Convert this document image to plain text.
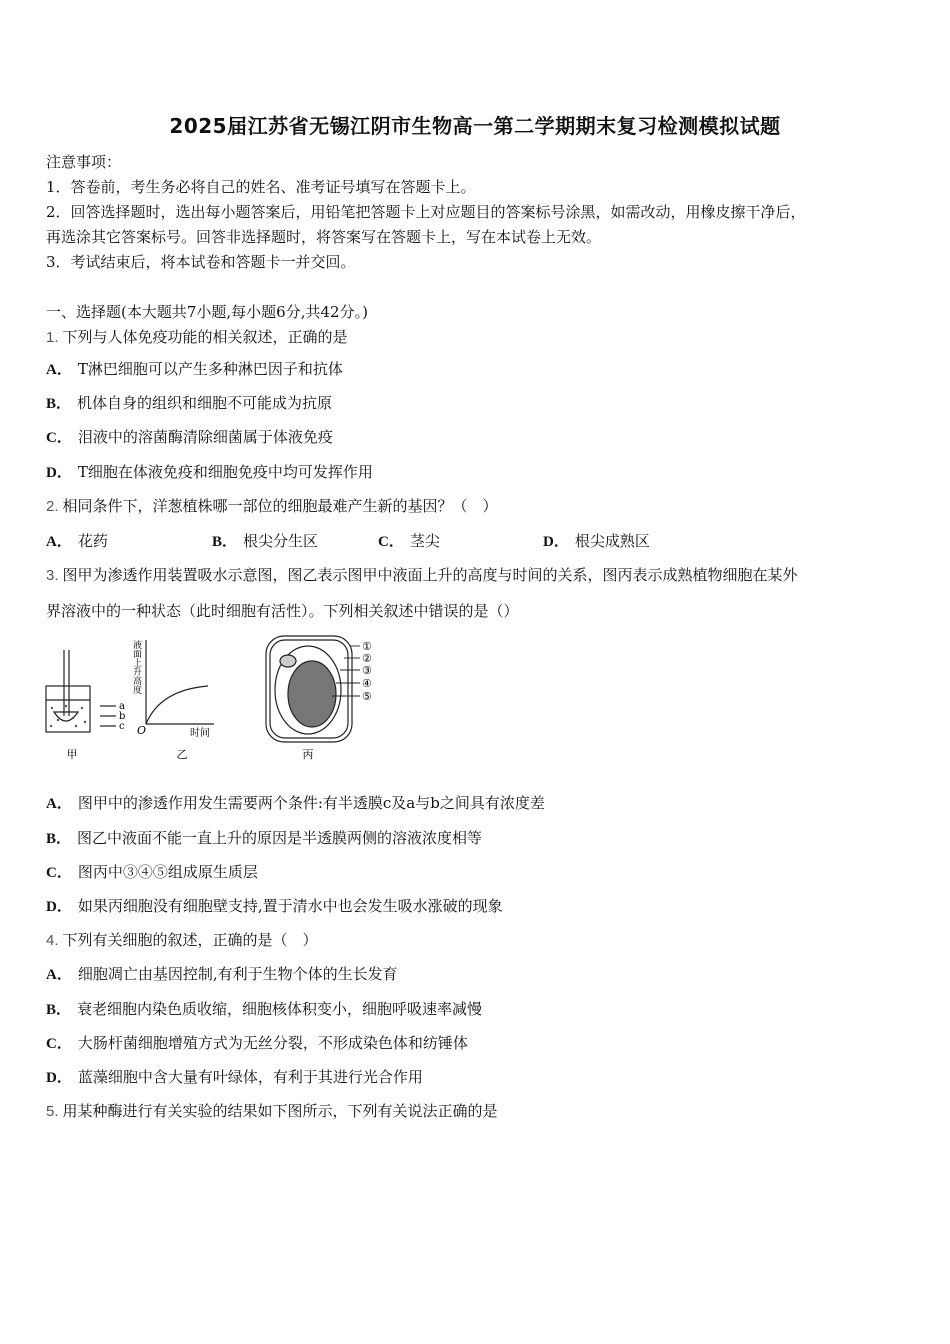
2025届江苏省无锡江阴市生物高一第二学期期末复习检测模拟试题
注意事项：
1．答卷前，考生务必将自己的姓名、准考证号填写在答题卡上。
2．回答选择题时，选出每小题答案后，用铅笔把答题卡上对应题目的答案标号涂黑，如需改动，用橡皮擦干净后，
再选涂其它答案标号。回答非选择题时，将答案写在答题卡上，写在本试卷上无效。
3．考试结束后，将本试卷和答题卡一并交回。
一、选择题(本大题共7小题,每小题6分,共42分。)
1. 下列与人体免疫功能的相关叙述，正确的是
A． T淋巴细胞可以产生多种淋巴因子和抗体
B． 机体自身的组织和细胞不可能成为抗原
C． 泪液中的溶菌酶清除细菌属于体液免疫
D． T细胞在体液免疫和细胞免疫中均可发挥作用
2. 相同条件下，洋葱植株哪一部位的细胞最难产生新的基因？（　）
A． 花药	B． 根尖分生区	C． 茎尖	D． 根尖成熟区
3. 图甲为渗透作用装置吸水示意图，图乙表示图甲中液面上升的高度与时间的关系，图丙表示成熟植物细胞在某外
界溶液中的一种状态（此时细胞有活性）。下列相关叙述中错误的是（）
a
b
c
甲
O	时间
液面上升高度
乙
①
②
③
④
⑤
丙
A． 图甲中的渗透作用发生需要两个条件:有半透膜c及a与b之间具有浓度差
B． 图乙中液面不能一直上升的原因是半透膜两侧的溶液浓度相等
C． 图丙中③④⑤组成原生质层
D． 如果丙细胞没有细胞壁支持,置于清水中也会发生吸水涨破的现象
4. 下列有关细胞的叙述，正确的是（　）
A． 细胞凋亡由基因控制,有利于生物个体的生长发育
B． 衰老细胞内染色质收缩，细胞核体积变小，细胞呼吸速率减慢
C． 大肠杆菌细胞增殖方式为无丝分裂，不形成染色体和纺锤体
D． 蓝藻细胞中含大量有叶绿体，有利于其进行光合作用
5. 用某种酶进行有关实验的结果如下图所示，下列有关说法正确的是
